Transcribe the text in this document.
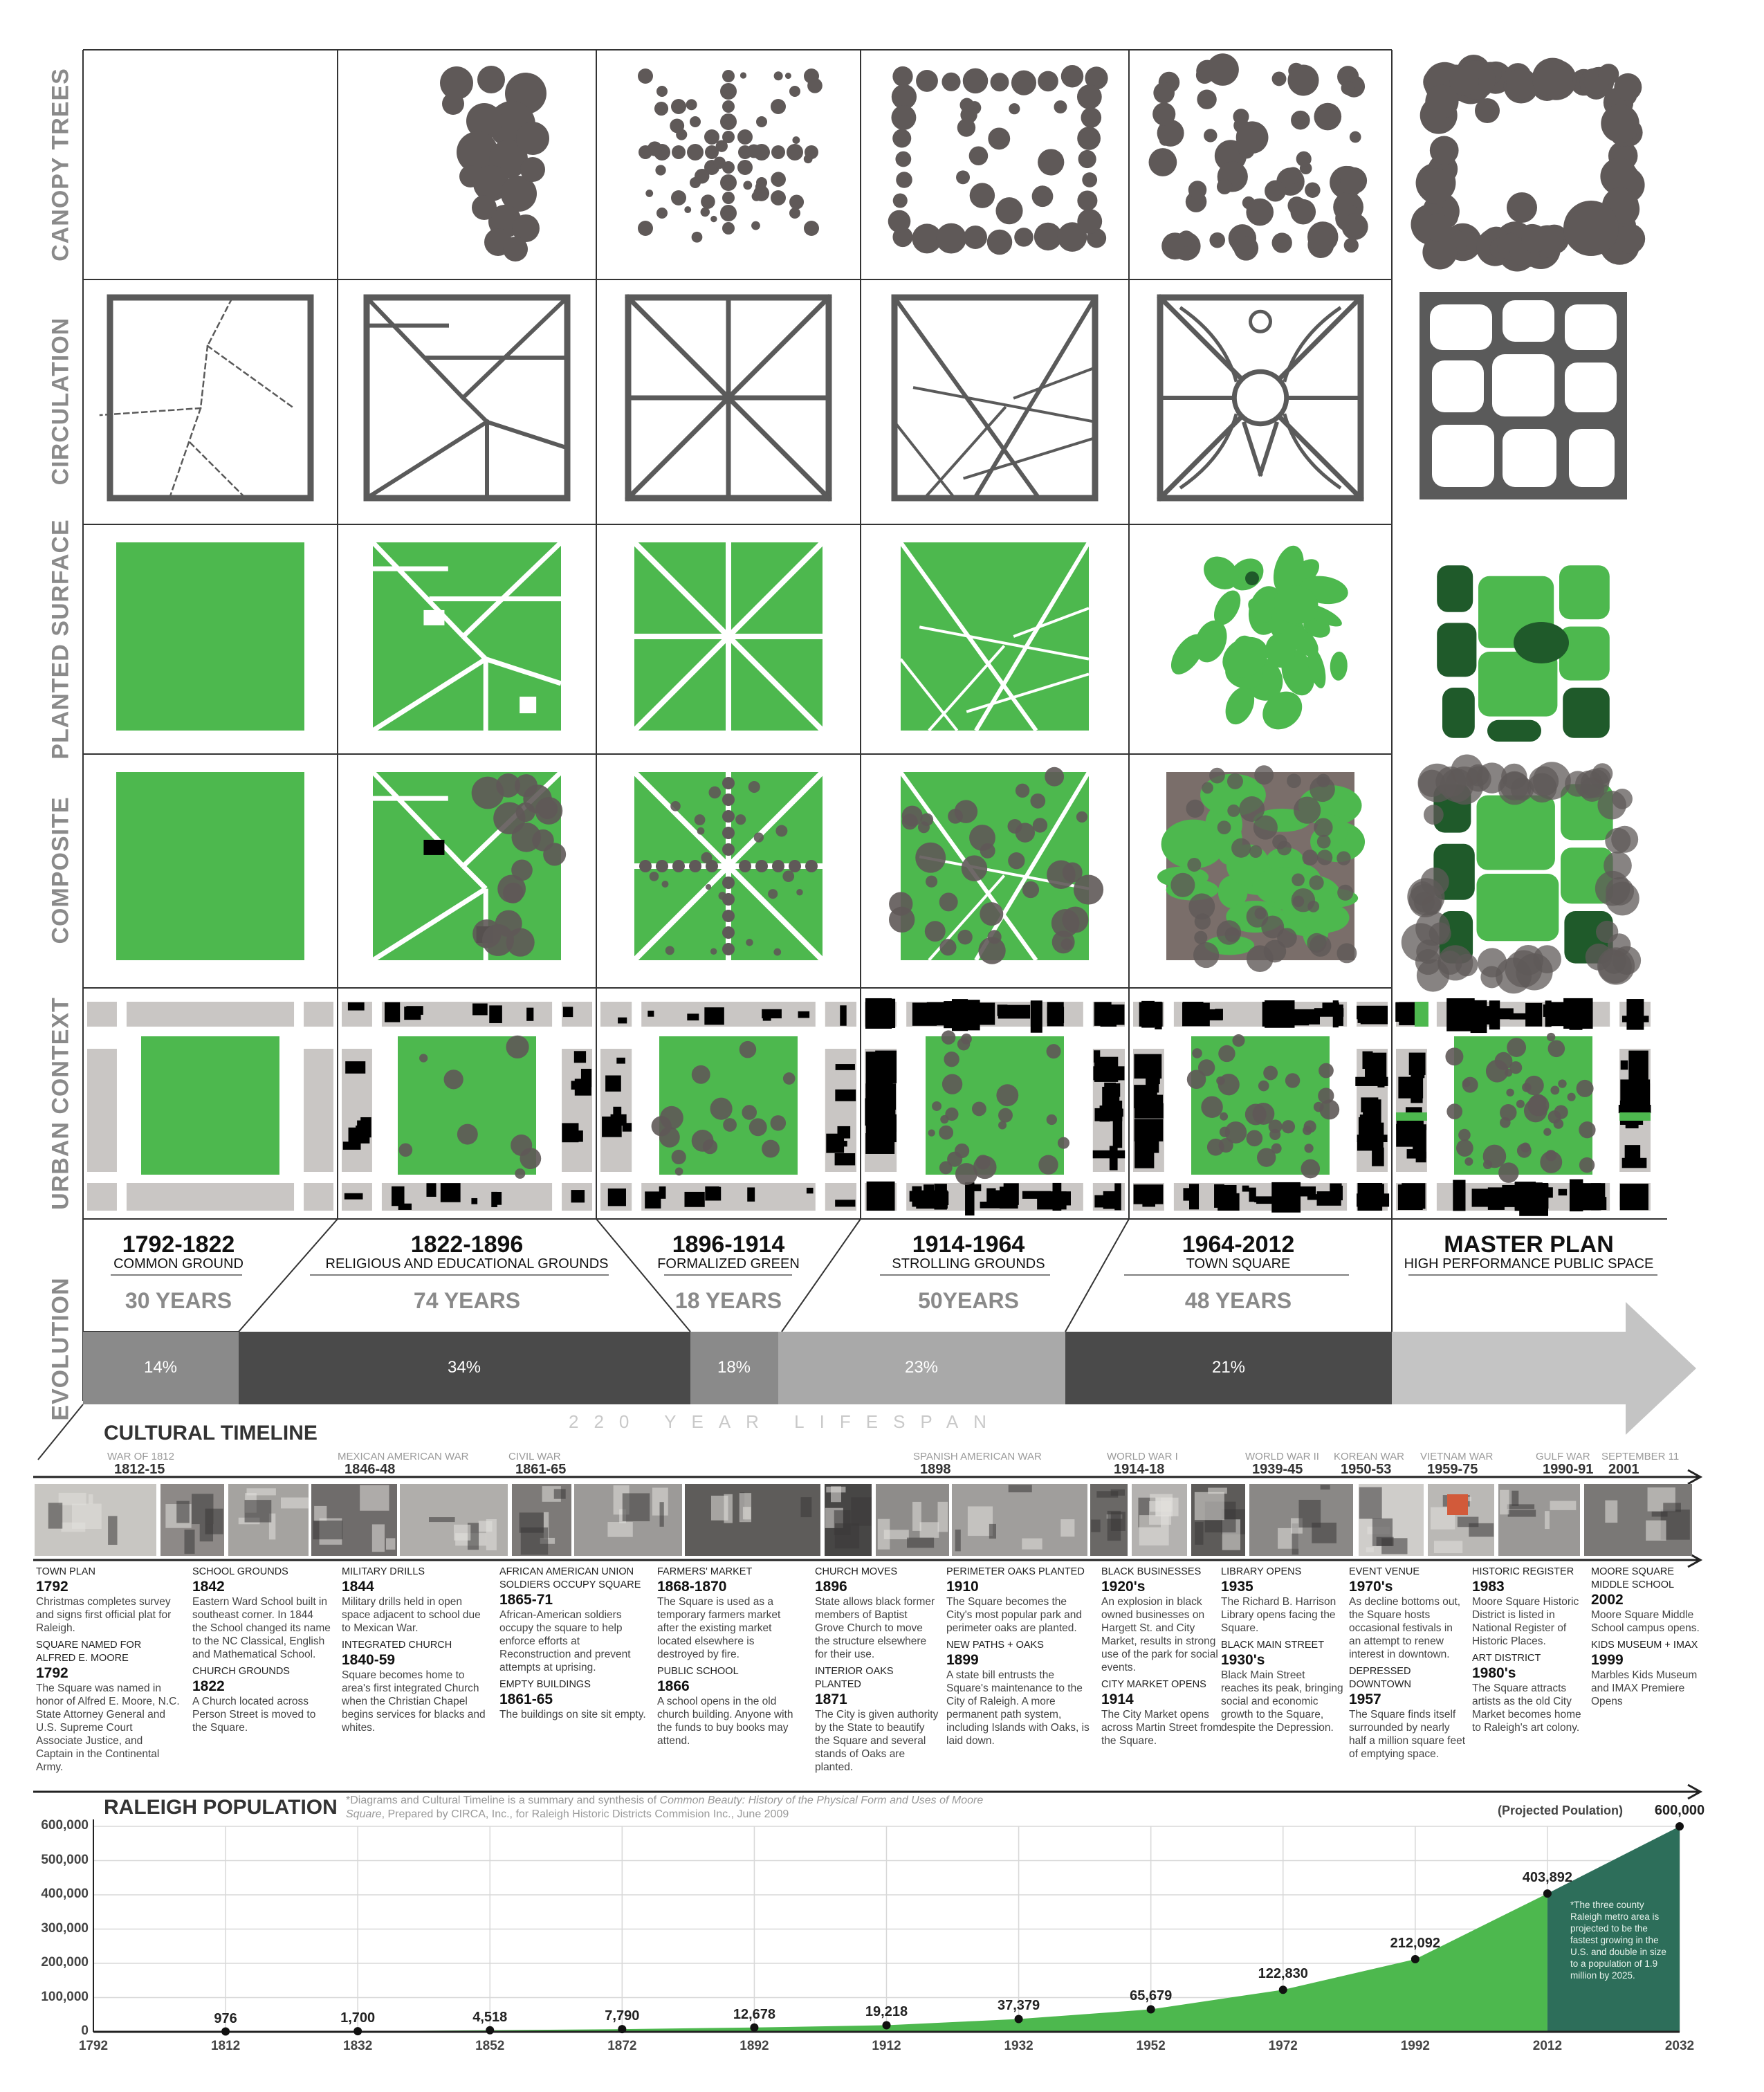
CANOPY TREES
CIRCULATION
PLANTED SURFACE
COMPOSITE
URBAN CONTEXT
EVOLUTION
1792-1822
COMMON GROUND
30 YEARS
1822-1896
RELIGIOUS AND EDUCATIONAL GROUNDS
74 YEARS
1896-1914
FORMALIZED GREEN
18 YEARS
1914-1964
STROLLING GROUNDS
50YEARS
1964-2012
TOWN SQUARE
48 YEARS
MASTER PLAN
HIGH PERFORMANCE PUBLIC SPACE
14%	34%	18%	23%	21%
220 YEAR LIFESPAN
CULTURAL TIMELINE
WAR OF 1812
1812-15
MEXICAN AMERICAN WAR
1846-48
CIVIL WAR
1861-65
SPANISH AMERICAN WAR
1898
WORLD WAR I
1914-18
WORLD WAR II
1939-45
KOREAN WAR
1950-53
VIETNAM WAR
1959-75
GULF WAR
1990-91
SEPTEMBER 11
2001
TOWN PLAN
1792
Christmas completes survey and signs first official plat for Raleigh.
SQUARE NAMED FOR ALFRED E. MOORE
1792
The Square was named in honor of Alfred E. Moore, N.C. State Attorney General and U.S. Supreme Court Associate Justice, and Captain in the Continental Army.
SCHOOL GROUNDS
1842
Eastern Ward School built in southeast corner. In 1844 the School changed its name to the NC Classical, English and Mathematical School.
CHURCH GROUNDS
1822
A Church located across Person Street is moved to the Square.
MILITARY DRILLS
1844
Military drills held in open space adjacent to school due to Mexican War.
INTEGRATED CHURCH
1840-59
Square becomes home to area's first integrated Church when the Christian Chapel begins services for blacks and whites.
AFRICAN AMERICAN UNION SOLDIERS OCCUPY SQUARE
1865-71
African-American soldiers occupy the square to help enforce efforts at Reconstruction and prevent attempts at uprising.
EMPTY BUILDINGS
1861-65
The buildings on site sit empty.
FARMERS' MARKET
1868-1870
The Square is used as a temporary farmers market after the existing market located elsewhere is destroyed by fire.
PUBLIC SCHOOL
1866
A school opens in the old church building. Anyone with the funds to buy books may attend.
CHURCH MOVES
1896
State allows black former members of Baptist Grove Church to move the structure elsewhere for their use.
INTERIOR OAKS PLANTED
1871
The City is given authority by the State to beautify the Square and several stands of Oaks are planted.
PERIMETER OAKS PLANTED
1910
The Square becomes the City's most popular park and perimeter oaks are planted.
NEW PATHS + OAKS
1899
A state bill entrusts the Square's maintenance to the City of Raleigh. A more permanent path system, including Islands with Oaks, is laid down.
BLACK BUSINESSES
1920's
An explosion in black owned businesses on Hargett St. and City Market, results in strong use of the park for social events.
CITY MARKET OPENS
1914
The City Market opens across Martin Street from the Square.
LIBRARY OPENS
1935
The Richard B. Harrison Library opens facing the Square.
BLACK MAIN STREET
1930's
Black Main Street reaches its peak, bringing social and economic growth to the Square, despite the Depression.
EVENT VENUE
1970's
As decline bottoms out, the Square hosts occasional festivals in an attempt to renew interest in downtown.
DEPRESSED DOWNTOWN
1957
The Square finds itself surrounded by nearly half a million square feet of emptying space.
HISTORIC REGISTER
1983
Moore Square Historic District is listed in National Register of Historic Places.
ART DISTRICT
1980's
The Square attracts artists as the old City Market becomes home to Raleigh's art colony.
MOORE SQUARE MIDDLE SCHOOL
2002
Moore Square Middle School campus opens.
KIDS MUSEUM + IMAX
1999
Marbles Kids Museum and IMAX Premiere Opens
RALEIGH POPULATION *Diagrams and Cultural Timeline is a summary and synthesis of Common Beauty: History of the Physical Form and Uses of Moore
Square, Prepared by CIRCA, Inc., for Raleigh Historic Districts Commision Inc., June 2009
600,000
500,000
400,000
300,000
200,000
100,000
0
1792	1812	1832	1852	1872	1892	1912	1932	1952	1972	1992	2012	2032
976	1,700	4,518	7,790	12,678	19,218	37,379
65,679
122,830
212,092
403,892
600,000
(Projected Poulation)
*The three county Raleigh metro area is projected to be the fastest growing in the U.S. and double in size to a population of 1.9 million by 2025.
